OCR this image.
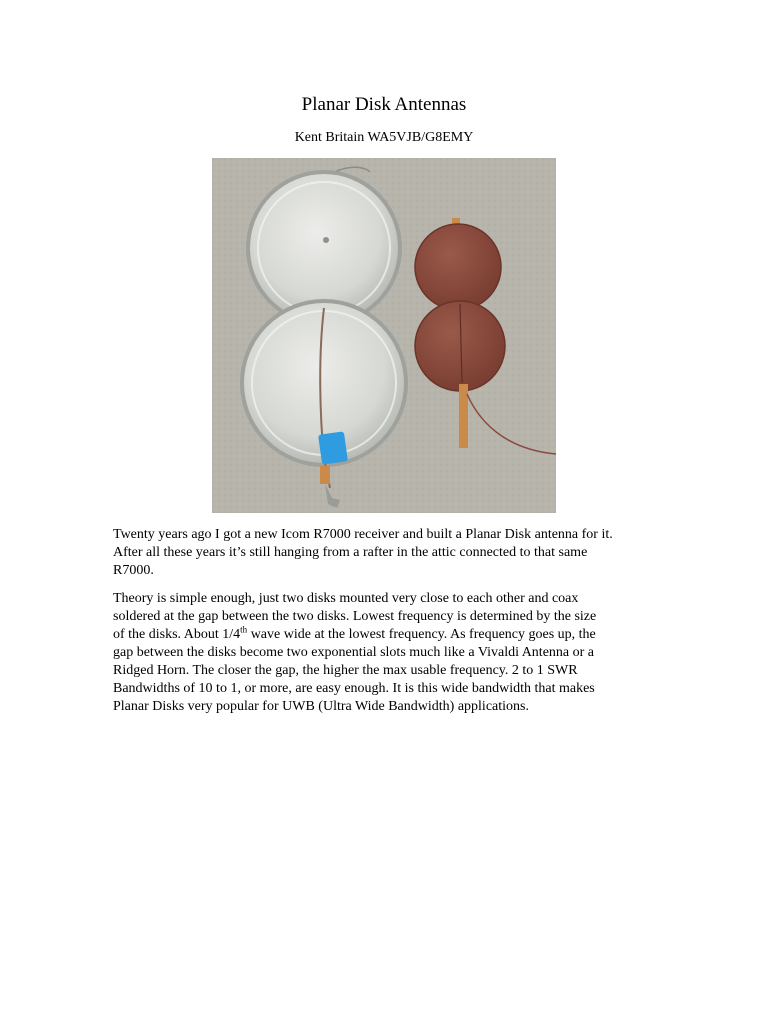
Planar Disk Antennas
Kent Britain WA5VJB/G8EMY

Twenty years ago I got a new Icom R7000 receiver and built a Planar Disk antenna for it.
After all these years it’s still hanging from a rafter in the attic connected to that same
R7000.

Theory is simple enough, just two disks mounted very close to each other and coax
soldered at the gap between the two disks. Lowest frequency is determined by the size
of the disks. About 1/4th wave wide at the lowest frequency. As frequency goes up, the
gap between the disks become two exponential slots much like a Vivaldi Antenna or a
Ridged Horn. The closer the gap, the higher the max usable frequency. 2 to 1 SWR
Bandwidths of 10 to 1, or more, are easy enough. It is this wide bandwidth that makes
Planar Disks very popular for UWB (Ultra Wide Bandwidth) applications.
